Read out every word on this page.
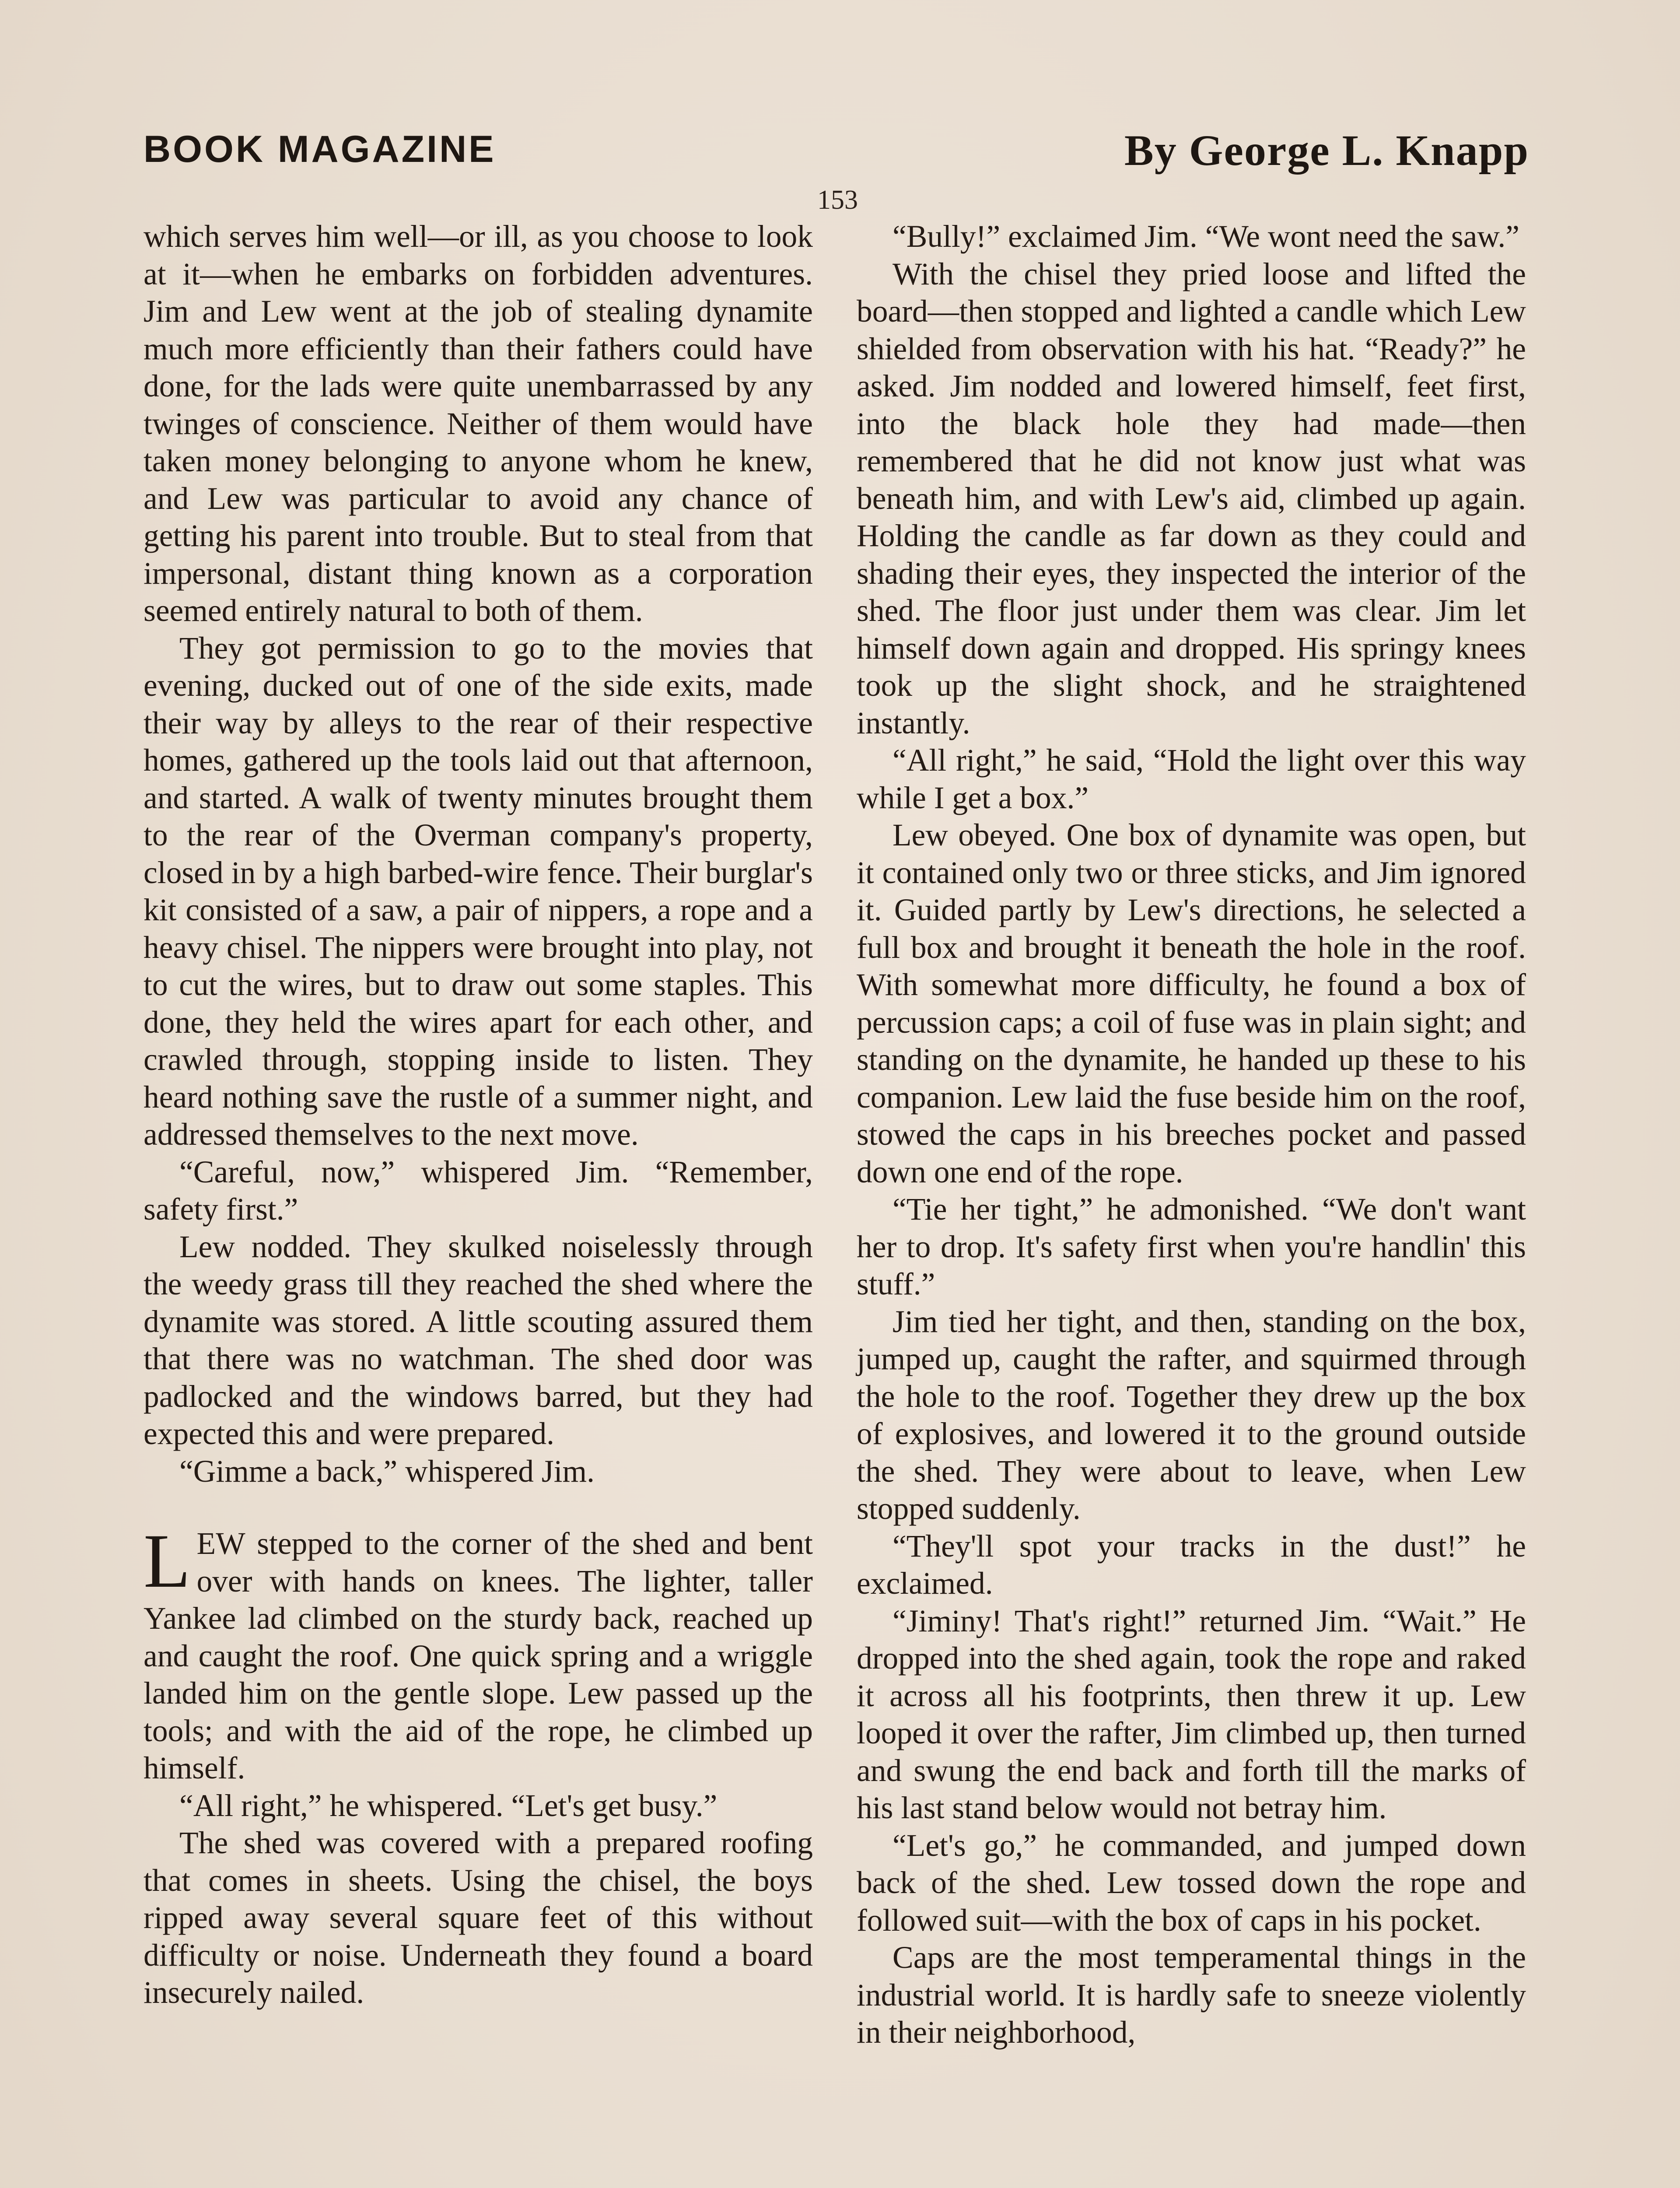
BOOK MAGAZINE	By George L. Knapp
153

which serves him well—or ill, as you choose to look at it—when he embarks on forbidden adventures. Jim and Lew went at the job of stealing dynamite much more efficiently than their fathers could have done, for the lads were quite unembarrassed by any twinges of conscience. Neither of them would have taken money belonging to anyone whom he knew, and Lew was particular to avoid any chance of getting his parent into trouble. But to steal from that impersonal, distant thing known as a corporation seemed entirely natural to both of them.

They got permission to go to the movies that evening, ducked out of one of the side exits, made their way by alleys to the rear of their respective homes, gathered up the tools laid out that afternoon, and started. A walk of twenty minutes brought them to the rear of the Overman company's property, closed in by a high barbed-wire fence. Their burglar's kit consisted of a saw, a pair of nippers, a rope and a heavy chisel. The nippers were brought into play, not to cut the wires, but to draw out some staples. This done, they held the wires apart for each other, and crawled through, stopping inside to listen. They heard nothing save the rustle of a summer night, and addressed themselves to the next move.

“Careful, now,” whispered Jim. “Remember, safety first.”

Lew nodded. They skulked noiselessly through the weedy grass till they reached the shed where the dynamite was stored. A little scouting assured them that there was no watchman. The shed door was padlocked and the windows barred, but they had expected this and were prepared.

“Gimme a back,” whispered Jim.

LEW stepped to the corner of the shed and bent over with hands on knees. The lighter, taller Yankee lad climbed on the sturdy back, reached up and caught the roof. One quick spring and a wriggle landed him on the gentle slope. Lew passed up the tools; and with the aid of the rope, he climbed up himself.

“All right,” he whispered. “Let's get busy.”

The shed was covered with a prepared roofing that comes in sheets. Using the chisel, the boys ripped away several square feet of this without difficulty or noise. Underneath they found a board insecurely nailed.

“Bully!” exclaimed Jim. “We wont need the saw.”

With the chisel they pried loose and lifted the board—then stopped and lighted a candle which Lew shielded from observation with his hat. “Ready?” he asked. Jim nodded and lowered himself, feet first, into the black hole they had made—then remembered that he did not know just what was beneath him, and with Lew's aid, climbed up again. Holding the candle as far down as they could and shading their eyes, they inspected the interior of the shed. The floor just under them was clear. Jim let himself down again and dropped. His springy knees took up the slight shock, and he straightened instantly.

“All right,” he said, “Hold the light over this way while I get a box.”

Lew obeyed. One box of dynamite was open, but it contained only two or three sticks, and Jim ignored it. Guided partly by Lew's directions, he selected a full box and brought it beneath the hole in the roof. With somewhat more difficulty, he found a box of percussion caps; a coil of fuse was in plain sight; and standing on the dynamite, he handed up these to his companion. Lew laid the fuse beside him on the roof, stowed the caps in his breeches pocket and passed down one end of the rope.

“Tie her tight,” he admonished. “We don't want her to drop. It's safety first when you're handlin' this stuff.”

Jim tied her tight, and then, standing on the box, jumped up, caught the rafter, and squirmed through the hole to the roof. Together they drew up the box of explosives, and lowered it to the ground outside the shed. They were about to leave, when Lew stopped suddenly.

“They'll spot your tracks in the dust!” he exclaimed.

“Jiminy! That's right!” returned Jim. “Wait.” He dropped into the shed again, took the rope and raked it across all his footprints, then threw it up. Lew looped it over the rafter, Jim climbed up, then turned and swung the end back and forth till the marks of his last stand below would not betray him.

“Let's go,” he commanded, and jumped down back of the shed. Lew tossed down the rope and followed suit—with the box of caps in his pocket.

Caps are the most temperamental things in the industrial world. It is hardly safe to sneeze violently in their neighborhood,
